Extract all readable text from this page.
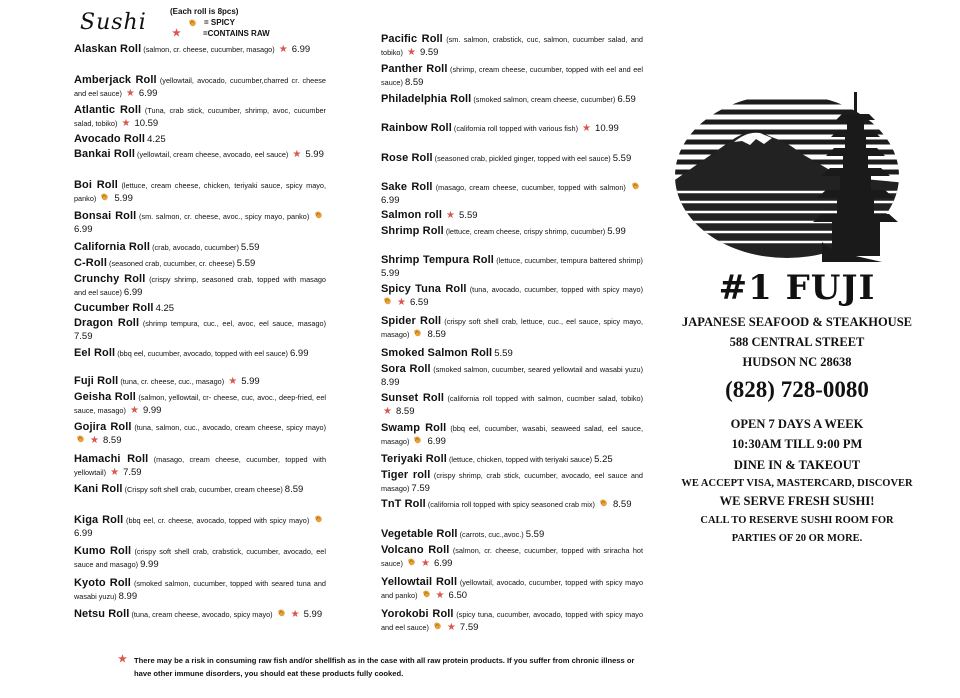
Sushi	(Each roll is 8pcs)
= SPICY
★	=CONTAINS RAW
Alaskan Roll (salmon, cr. cheese, cucumber, masago) ★ 6.99
Amberjack Roll (yellowtail, avocado, cucumber,charred cr. cheese and eel sauce) ★ 6.99
Atlantic Roll (Tuna, crab stick, cucumber, shrimp, avoc, cucumber salad, tobiko) ★ 10.59
Avocado Roll 4.25
Bankai Roll (yellowtail, cream cheese, avocado, eel sauce) ★ 5.99
Boi Roll (lettuce, cream cheese, chicken, teriyaki sauce, spicy mayo, panko) 5.99
Bonsai Roll (sm. salmon, cr. cheese, avoc., spicy mayo, panko)  6.99
California Roll (crab, avocado, cucumber) 5.59
C-Roll (seasoned crab, cucumber, cr. cheese) 5.59
Crunchy Roll (crispy shrimp, seasoned crab, topped with masago and eel sauce) 6.99
Cucumber Roll 4.25
Dragon Roll (shrimp tempura, cuc., eel, avoc, eel sauce, masago) 7.59
Eel Roll (bbq eel, cucumber, avocado, topped with eel sauce) 6.99
Fuji Roll (tuna, cr. cheese, cuc., masago) ★ 5.99
Geisha Roll (salmon, yellowtail, cr- cheese, cuc, avoc., deep-fried, eel sauce, masago) ★ 9.99
Gojira Roll (tuna, salmon, cuc., avocado, cream cheese, spicy mayo) ★ 8.59
Hamachi Roll (masago, cream cheese, cucumber, topped with yellowtail) ★ 7.59
Kani Roll (Crispy soft shell crab, cucumber, cream cheese) 8.59
Kiga Roll (bbq eel, cr. cheese, avocado, topped with spicy mayo)  6.99
Kumo Roll (crispy soft shell crab, crabstick, cucumber, avocado, eel sauce and masago) 9.99
Kyoto Roll (smoked salmon, cucumber, topped with seared tuna and wasabi yuzu) 8.99
Netsu Roll (tuna, cream cheese, avocado, spicy mayo) ★ 5.99
Pacific Roll (sm. salmon, crabstick, cuc, salmon, cucumber salad, and tobiko) ★ 9.59
Panther Roll (shrimp, cream cheese, cucumber, topped with eel and eel sauce) 8.59
Philadelphia Roll (smoked salmon, cream cheese, cucumber) 6.59
Rainbow Roll (california roll topped with various fish) ★ 10.99
Rose Roll (seasoned crab, pickled ginger, topped with eel sauce) 5.59
Sake Roll (masago, cream cheese, cucumber, topped with salmon)  6.99
Salmon roll ★ 5.59
Shrimp Roll (lettuce, cream cheese, crispy shrimp, cucumber) 5.99
Shrimp Tempura Roll (lettuce, cucumber, tempura battered shrimp) 5.99
Spicy Tuna Roll (tuna, avocado, cucumber, topped with spicy mayo) ★ 6.59
Spider Roll (crispy soft shell crab, lettuce, cuc., eel sauce, spicy mayo, masago) 8.59
Smoked Salmon Roll 5.59
Sora Roll (smoked salmon, cucumber, seared yellowtail and wasabi yuzu) 8.99
Sunset Roll (california roll topped with salmon, cucmber salad, tobiko) ★ 8.59
Swamp Roll (bbq eel, cucumber, wasabi, seaweed salad, eel sauce, masago) 6.99
Teriyaki Roll (lettuce, chicken, topped with teriyaki sauce) 5.25
Tiger roll (crispy shrimp, crab stick, cucumber, avocado, eel sauce and masago) 7.59
TnT Roll (california roll topped with spicy seasoned crab mix) 8.59
Vegetable Roll (carrots, cuc.,avoc.) 5.59
Volcano Roll (salmon, cr. cheese, cucumber, topped with sriracha hot sauce) ★ 6.99
Yellowtail Roll (yellowtail, avocado, cucumber, topped with spicy mayo and panko) ★ 6.50
Yorokobi Roll (spicy tuna, cucumber, avocado, topped with spicy mayo and eel sauce) ★ 7.59
★ There may be a risk in consuming raw fish and/or shellfish as in the case with all raw protein products. If you suffer from chronic illness or have other immune disorders, you should eat these products fully cooked.
#1 FUJI
JAPANESE SEAFOOD & STEAKHOUSE
588 CENTRAL STREET
HUDSON NC 28638
(828) 728-0080
OPEN 7 DAYS A WEEK
10:30AM TILL 9:00 PM
DINE IN & TAKEOUT
WE ACCEPT VISA, MASTERCARD, DISCOVER
WE SERVE FRESH SUSHI!
CALL TO RESERVE SUSHI ROOM FOR
PARTIES OF 20 OR MORE.
